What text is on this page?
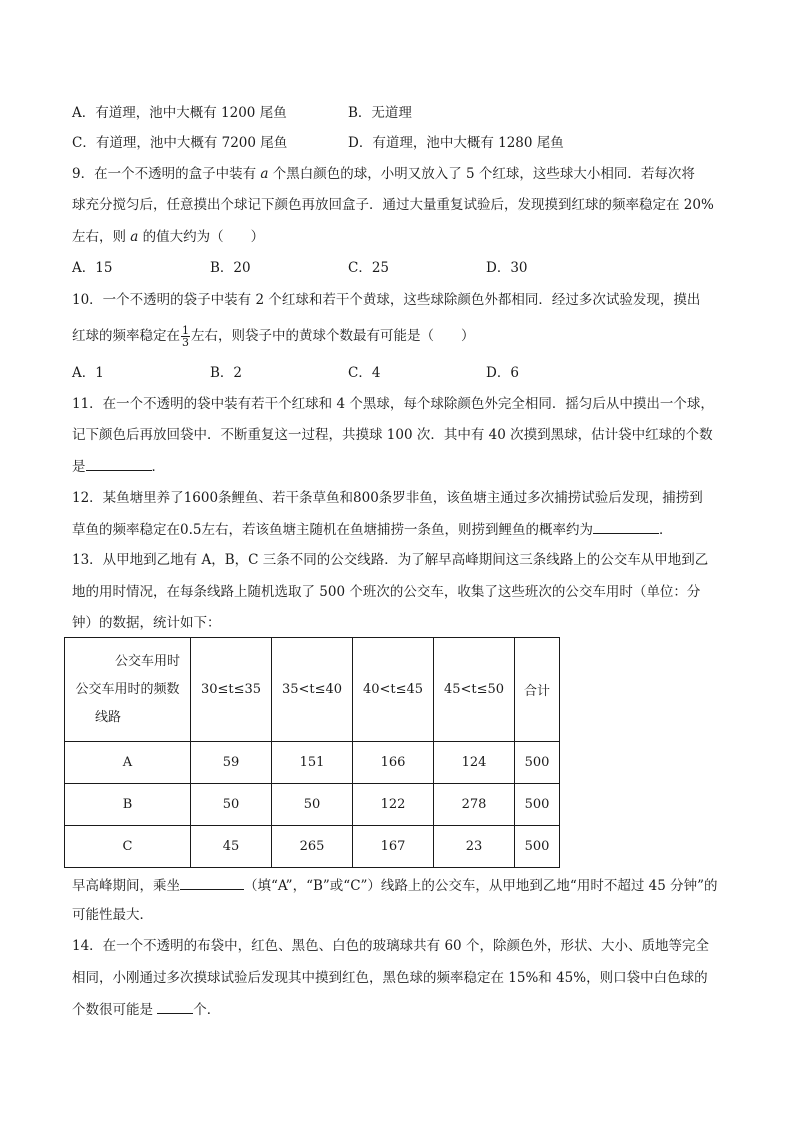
A．有道理，池中大概有 1200 尾鱼	B．无道理
C．有道理，池中大概有 7200 尾鱼	D．有道理，池中大概有 1280 尾鱼
9．在一个不透明的盒子中装有 a 个黑白颜色的球，小明又放入了 5 个红球，这些球大小相同．若每次将
球充分搅匀后，任意摸出个球记下颜色再放回盒子．通过大量重复试验后，发现摸到红球的频率稳定在 20%
左右，则 a 的值大约为（　　）
A．15	B．20	C．25	D．30
10．一个不透明的袋子中装有 2 个红球和若干个黄球，这些球除颜色外都相同．经过多次试验发现，摸出
红球的频率稳定在 $\frac{1}{3}$ 左右，则袋子中的黄球个数最有可能是（　　）
A．1	B．2	C．4	D．6
11．在一个不透明的袋中装有若干个红球和 4 个黑球，每个球除颜色外完全相同．摇匀后从中摸出一个球，
记下颜色后再放回袋中．不断重复这一过程，共摸球 100 次．其中有 40 次摸到黑球，估计袋中红球的个数
是	．
12．某鱼塘里养了1600条鲤鱼、若干条草鱼和800条罗非鱼，该鱼塘主通过多次捕捞试验后发现，捕捞到
草鱼的频率稳定在0.5左右，若该鱼塘主随机在鱼塘捕捞一条鱼，则捞到鲤鱼的概率约为	．
13．从甲地到乙地有 A，B，C 三条不同的公交线路．为了解早高峰期间这三条线路上的公交车从甲地到乙
地的用时情况，在每条线路上随机选取了 500 个班次的公交车，收集了这些班次的公交车用时（单位：分
钟）的数据，统计如下：
公交车用时
公交车用时的频数
线路	30≤t≤35	35<t≤40	40<t≤45	45<t≤50	合计
A	59	151	166	124	500
B	50	50	122	278	500
C	45	265	167	23	500
早高峰期间，乘坐	（填“A”，“B”或“C”）线路上的公交车，从甲地到乙地“用时不超过 45 分钟”的
可能性最大．
14．在一个不透明的布袋中，红色、黑色、白色的玻璃球共有 60 个，除颜色外，形状、大小、质地等完全
相同，小刚通过多次摸球试验后发现其中摸到红色，黑色球的频率稳定在 15%和 45%，则口袋中白色球的
个数很可能是	个．
